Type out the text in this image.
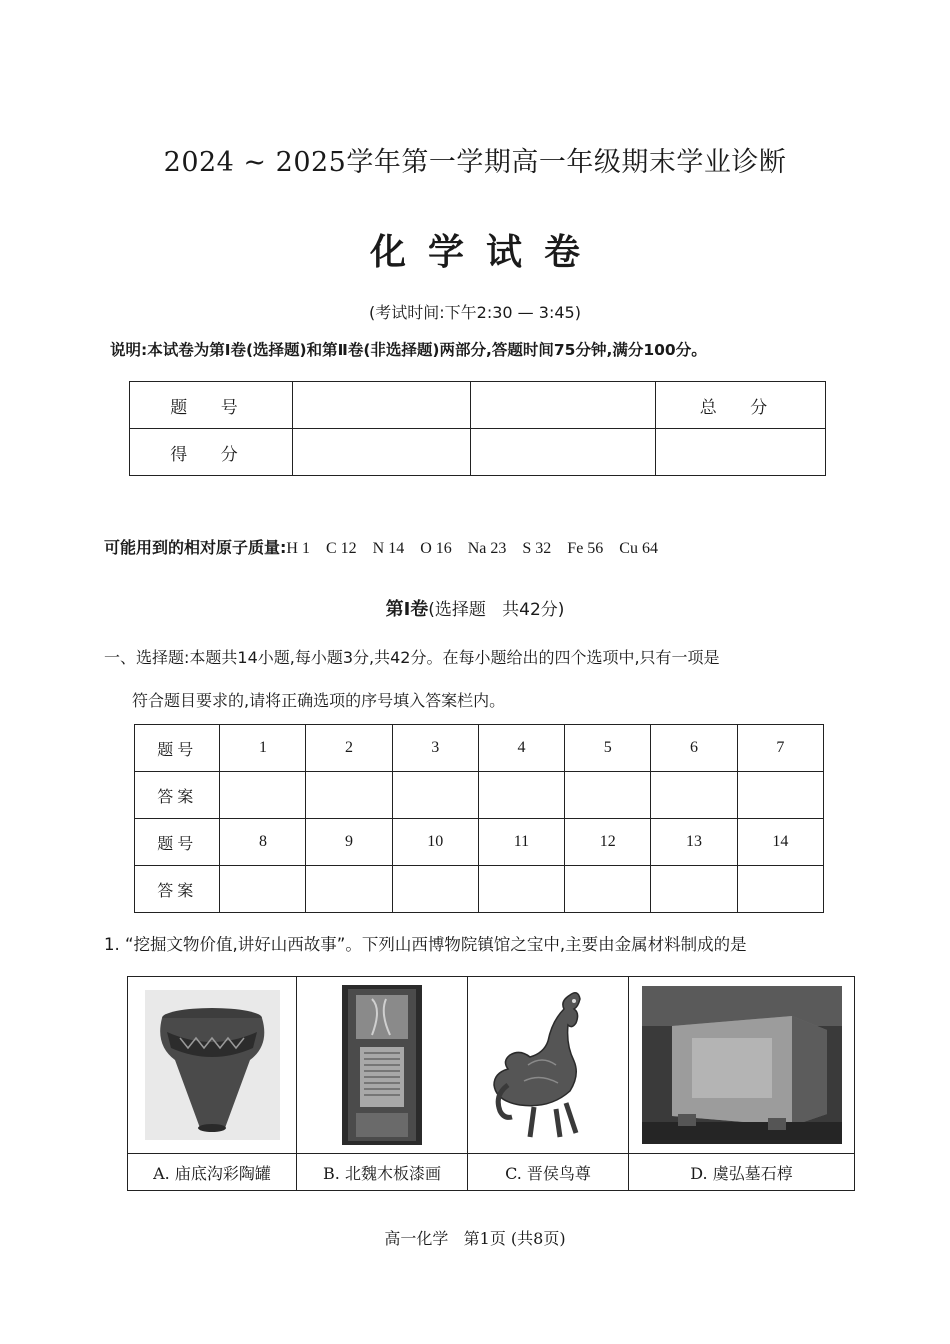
2024 ~ 2025学年第一学期高一年级期末学业诊断
化学试卷
(考试时间:下午2:30 — 3:45)
说明:本试卷为第Ⅰ卷(选择题)和第Ⅱ卷(非选择题)两部分,答题时间75分钟,满分100分。
题 号			总 分
得 分			
可能用到的相对原子质量:H 1    C 12    N 14    O 16    Na 23    S 32    Fe 56    Cu 64
第Ⅰ卷(选择题   共42分)
一、选择题:本题共14小题,每小题3分,共42分。在每小题给出的四个选项中,只有一项是
符合题目要求的,请将正确选项的序号填入答案栏内。
题号	1	2	3	4	5	6	7
答案							
题号	8	9	10	11	12	13	14
答案							
1. “挖掘文物价值,讲好山西故事”。下列山西博物院镇馆之宝中,主要由金属材料制成的是

A. 庙底沟彩陶罐	B. 北魏木板漆画	C. 晋侯鸟尊	D. 虞弘墓石椁
高一化学   第1页 (共8页)
